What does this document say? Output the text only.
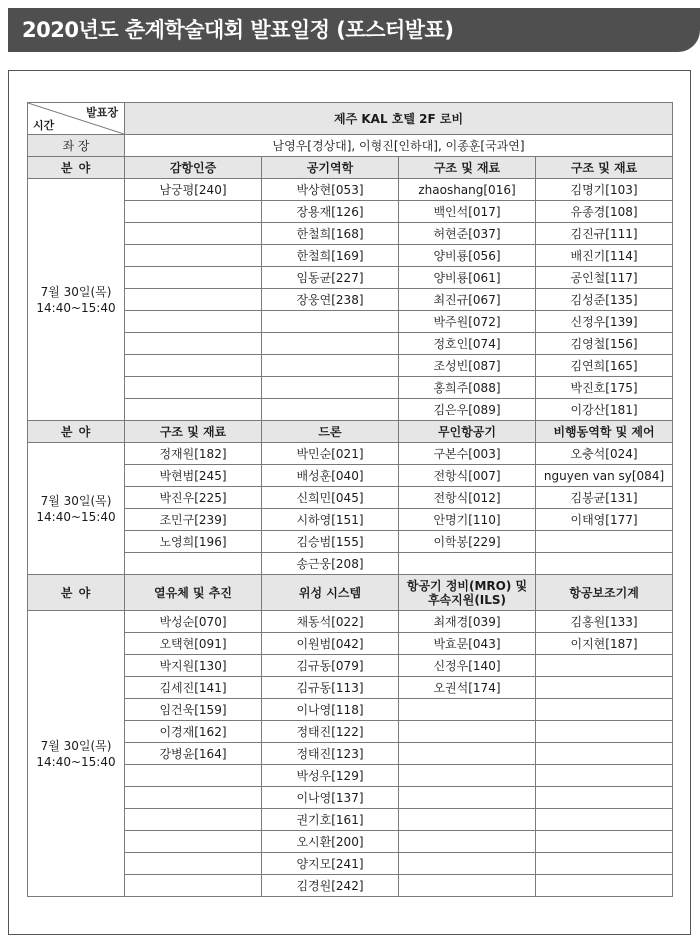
2020년도 춘계학술대회 발표일정 (포스터발표)
발표장
시간	제주 KAL 호텔 2F 로비			
좌 장	남영우[경상대], 이형진[인하대], 이종훈[국과연]			
분 야	감항인증	공기역학	구조 및 재료	구조 및 재료

7월 30일(목)
14:40~15:40	남궁평[240]	박상현[053]	zhaoshang[016]	김명기[103]
		장용재[126]	백인석[017]	유종경[108]
		한철희[168]	허현준[037]	김진규[111]
		한철희[169]	양비룡[056]	배진기[114]
		임동균[227]	양비룡[061]	공인철[117]
		장웅연[238]	최진규[067]	김성준[135]
			박주원[072]	신정우[139]
			정호인[074]	김영철[156]
			조성빈[087]	김연희[165]
			홍희주[088]	박진호[175]
			김은우[089]	이강산[181]
분 야	구조 및 재료	드론	무인항공기	비행동역학 및 제어

7월 30일(목)
14:40~15:40	정재원[182]	박민순[021]	구본수[003]	오충석[024]
	박현범[245]	배성훈[040]	전항식[007]	nguyen van sy[084]
	박진우[225]	신희민[045]	전항식[012]	김봉균[131]
	조민구[239]	시하영[151]	안명기[110]	이태영[177]
	노영희[196]	김승범[155]	이학봉[229]	
		송근웅[208]		
분 야	열유체 및 추진	위성 시스템	항공기 정비(MRO) 및 후속지원(ILS)	항공보조기계

7월 30일(목)
14:40~15:40	박성순[070]	채동석[022]	최재경[039]	김홍원[133]
	오택현[091]	이원범[042]	박효문[043]	이지현[187]
	박지원[130]	김규동[079]	신정우[140]	
	김세진[141]	김규동[113]	오권석[174]	
	임건욱[159]	이나영[118]		
	이경재[162]	정태진[122]		
	강병윤[164]	정태진[123]		
		박성우[129]		
		이나영[137]		
		권기호[161]		
		오시환[200]		
		양지모[241]		
		김경원[242]		
